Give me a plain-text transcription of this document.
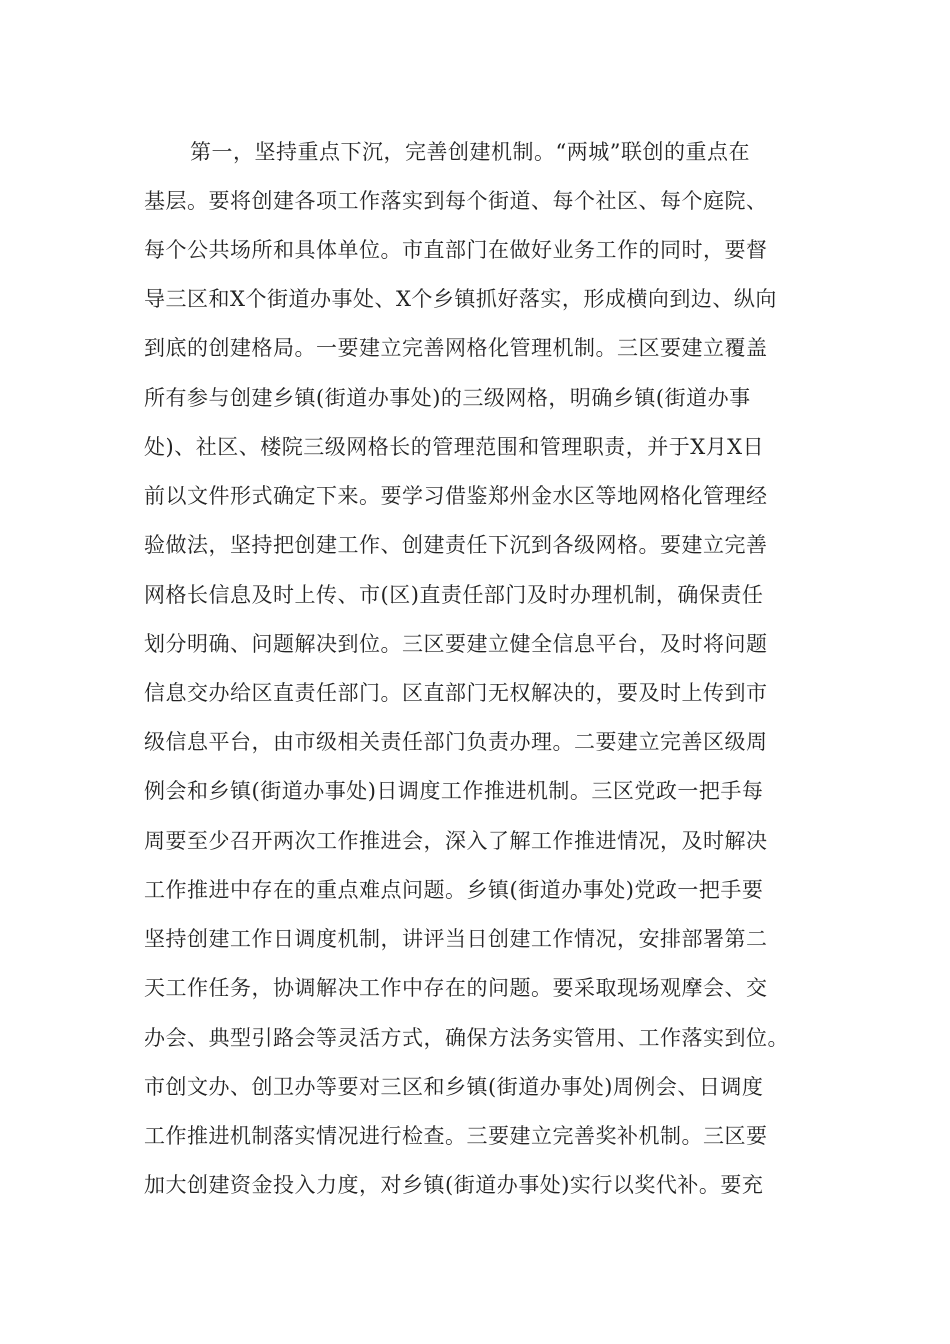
第一，坚持重点下沉，完善创建机制。“两城”联创的重点在
基层。要将创建各项工作落实到每个街道、每个社区、每个庭院、
每个公共场所和具体单位。市直部门在做好业务工作的同时，要督
导三区和X个街道办事处、X个乡镇抓好落实，形成横向到边、纵向
到底的创建格局。一要建立完善网格化管理机制。三区要建立覆盖
所有参与创建乡镇(街道办事处)的三级网格，明确乡镇(街道办事
处)、社区、楼院三级网格长的管理范围和管理职责，并于X月X日
前以文件形式确定下来。要学习借鉴郑州金水区等地网格化管理经
验做法，坚持把创建工作、创建责任下沉到各级网格。要建立完善
网格长信息及时上传、市(区)直责任部门及时办理机制，确保责任
划分明确、问题解决到位。三区要建立健全信息平台，及时将问题
信息交办给区直责任部门。区直部门无权解决的，要及时上传到市
级信息平台，由市级相关责任部门负责办理。二要建立完善区级周
例会和乡镇(街道办事处)日调度工作推进机制。三区党政一把手每
周要至少召开两次工作推进会，深入了解工作推进情况，及时解决
工作推进中存在的重点难点问题。乡镇(街道办事处)党政一把手要
坚持创建工作日调度机制，讲评当日创建工作情况，安排部署第二
天工作任务，协调解决工作中存在的问题。要采取现场观摩会、交
办会、典型引路会等灵活方式，确保方法务实管用、工作落实到位。
市创文办、创卫办等要对三区和乡镇(街道办事处)周例会、日调度
工作推进机制落实情况进行检查。三要建立完善奖补机制。三区要
加大创建资金投入力度，对乡镇(街道办事处)实行以奖代补。要充
